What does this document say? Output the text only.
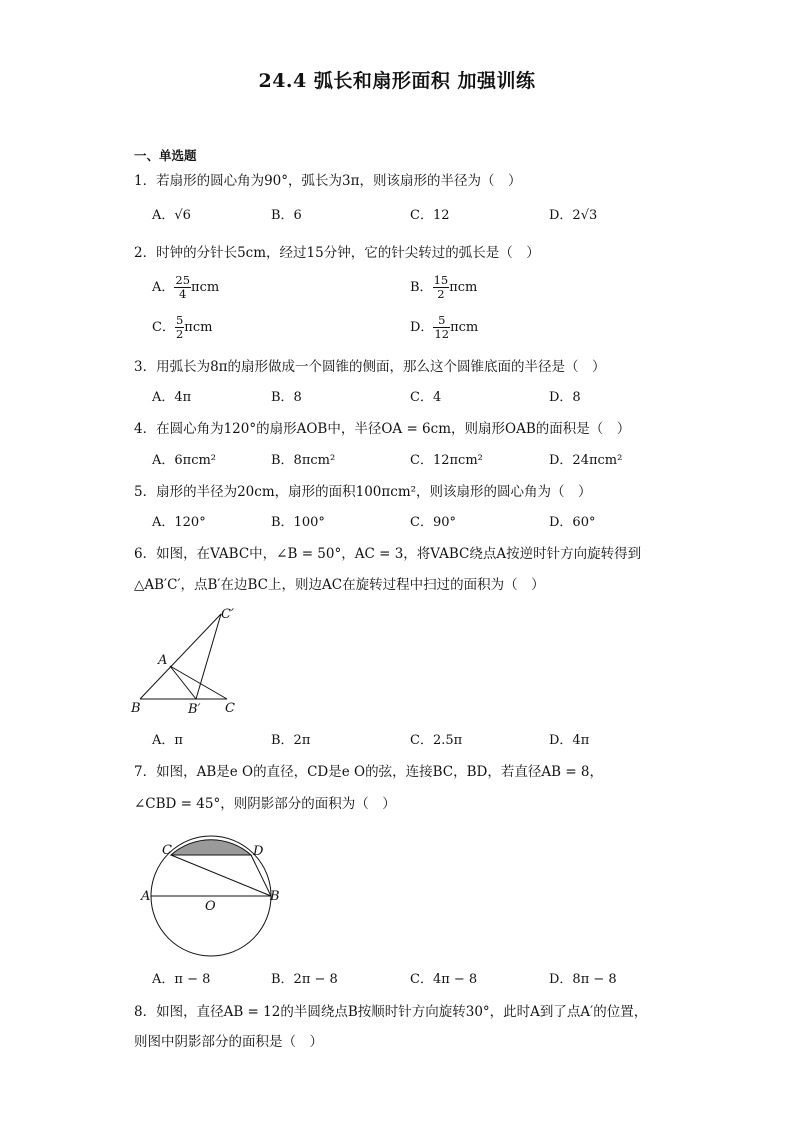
24.4 弧长和扇形面积 加强训练
一、单选题
1．若扇形的圆心角为90°，弧长为3π，则该扇形的半径为（　）
A．√6	B．6	C．12	D．2√3
2．时钟的分针长5cm，经过15分钟，它的针尖转过的弧长是（　）
A． $\frac{25}{4}$ πcm	B． $\frac{15}{2}$ πcm
C． $\frac{5}{2}$ πcm	D． $\frac{5}{12}$ πcm
3．用弧长为8π的扇形做成一个圆锥的侧面，那么这个圆锥底面的半径是（　）
A．4π	B．8	C．4	D．8
4．在圆心角为120°的扇形AOB中，半径OA = 6cm，则扇形OAB的面积是（　）
A．6πcm²	B．8πcm²	C．12πcm²	D．24πcm²
5．扇形的半径为20cm，扇形的面积100πcm²，则该扇形的圆心角为（　）
A．120°	B．100°	C．90°	D．60°
6．如图，在VABC中，∠B = 50°，AC = 3，将VABC绕点A按逆时针方向旋转得到
△AB′C′，点B′在边BC上，则边AC在旋转过程中扫过的面积为（　）
A
B	B′ C
C′
A．π	B．2π	C．2.5π	D．4π
7．如图，AB是e O的直径，CD是e O的弦，连接BC，BD，若直径AB = 8，
∠CBD = 45°，则阴影部分的面积为（　）
C	D
A	B
O
A．π − 8	B．2π − 8	C．4π − 8	D．8π − 8
8．如图，直径AB = 12的半圆绕点B按顺时针方向旋转30°，此时A到了点A′的位置，
则图中阴影部分的面积是（　）
